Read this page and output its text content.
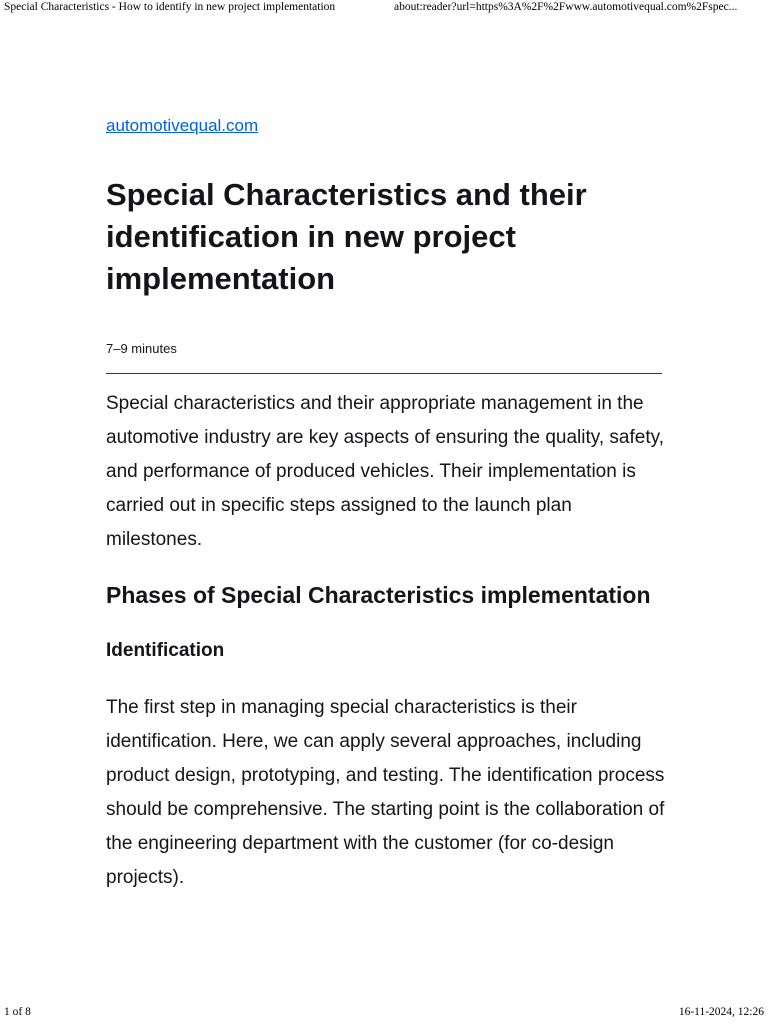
Special Characteristics - How to identify in new project implementation	about:reader?url=https%3A%2F%2Fwww.automotivequal.com%2Fspec...
automotivequal.com
Special Characteristics and their identification in new project implementation
7–9 minutes

Special characteristics and their appropriate management in the automotive industry are key aspects of ensuring the quality, safety, and performance of produced vehicles. Their implementation is carried out in specific steps assigned to the launch plan milestones.

Phases of Special Characteristics implementation
Identification

The first step in managing special characteristics is their identification. Here, we can apply several approaches, including product design, prototyping, and testing. The identification process should be comprehensive. The starting point is the collaboration of the engineering department with the customer (for co-design projects).

1 of 8	16-11-2024, 12:26
